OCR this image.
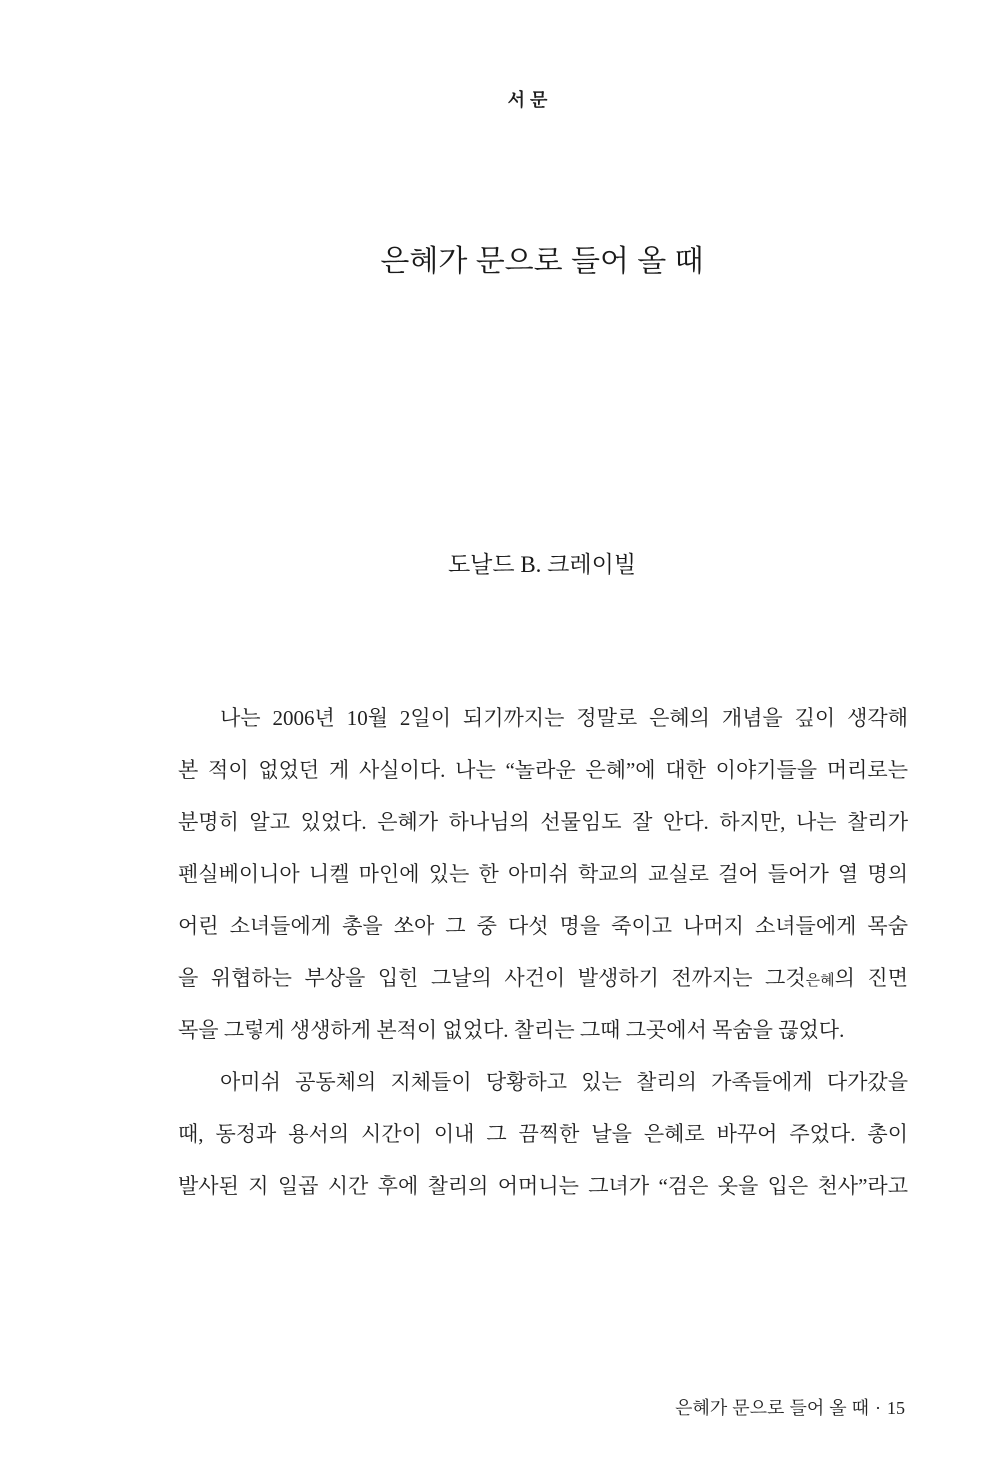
서문
은혜가 문으로 들어 올 때
도날드 B. 크레이빌
나는 2006년 10월 2일이 되기까지는 정말로 은혜의 개념을 깊이 생각해
본 적이 없었던 게 사실이다. 나는 “놀라운 은혜”에 대한 이야기들을 머리로는
분명히 알고 있었다. 은혜가 하나님의 선물임도 잘 안다. 하지만, 나는 찰리가
펜실베이니아 니켈 마인에 있는 한 아미쉬 학교의 교실로 걸어 들어가 열 명의
어린 소녀들에게 총을 쏘아 그 중 다섯 명을 죽이고 나머지 소녀들에게 목숨
을 위협하는 부상을 입힌 그날의 사건이 발생하기 전까지는 그것은혜의 진면
목을 그렇게 생생하게 본적이 없었다. 찰리는 그때 그곳에서 목숨을 끊었다.
아미쉬 공동체의 지체들이 당황하고 있는 찰리의 가족들에게 다가갔을
때, 동정과 용서의 시간이 이내 그 끔찍한 날을 은혜로 바꾸어 주었다. 총이
발사된 지 일곱 시간 후에 찰리의 어머니는 그녀가 “검은 옷을 입은 천사”라고
은혜가 문으로 들어 올 때 · 15
